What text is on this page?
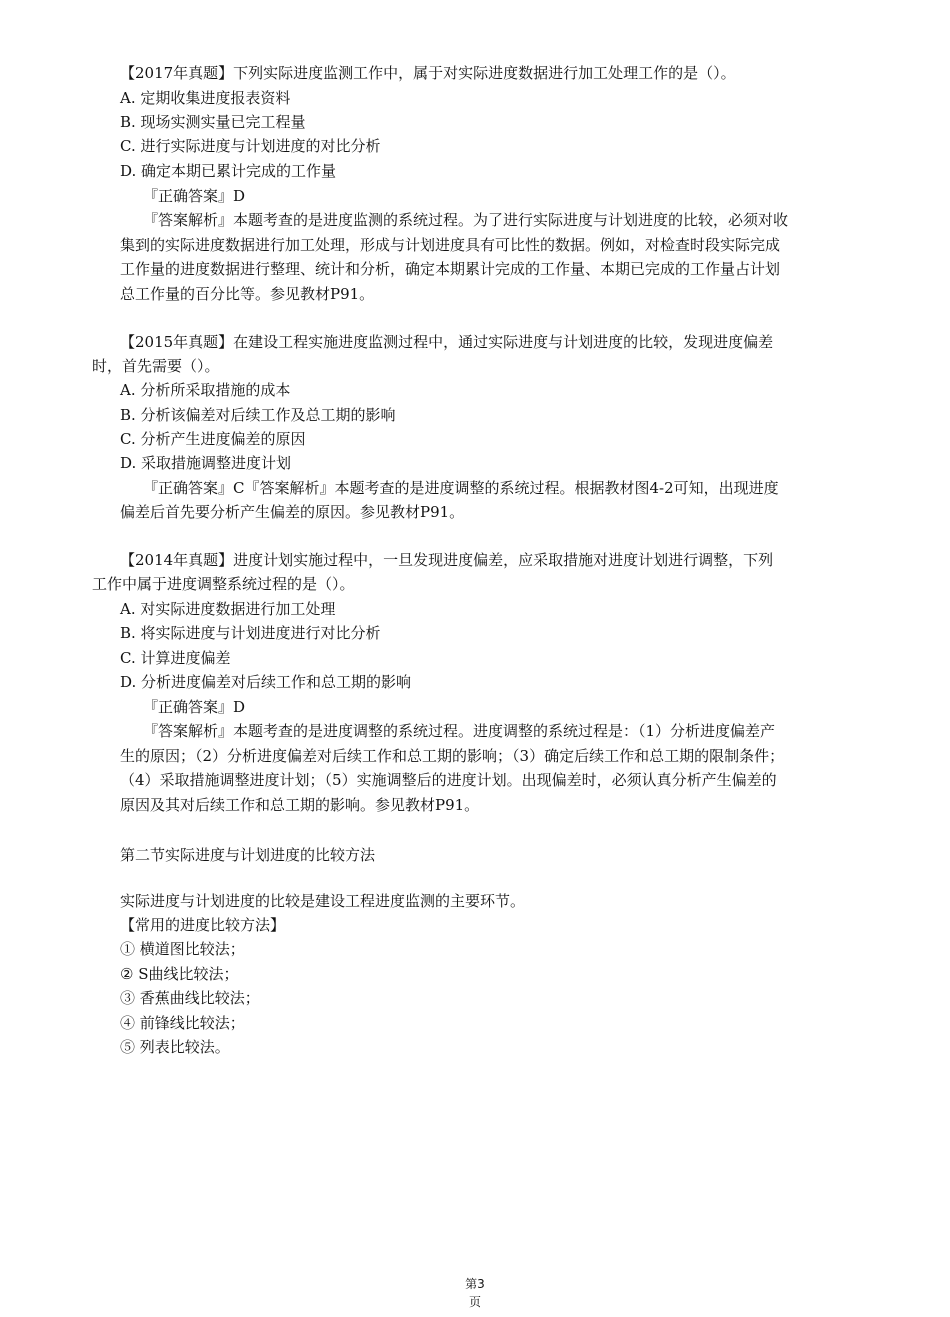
【2017年真题】下列实际进度监测工作中，属于对实际进度数据进行加工处理工作的是（）。
A. 定期收集进度报表资料
B. 现场实测实量已完工程量
C. 进行实际进度与计划进度的对比分析
D. 确定本期已累计完成的工作量
『正确答案』D
『答案解析』本题考查的是进度监测的系统过程。为了进行实际进度与计划进度的比较，必须对收
集到的实际进度数据进行加工处理，形成与计划进度具有可比性的数据。例如，对检查时段实际完成
工作量的进度数据进行整理、统计和分析，确定本期累计完成的工作量、本期已完成的工作量占计划
总工作量的百分比等。参见教材P91。
【2015年真题】在建设工程实施进度监测过程中，通过实际进度与计划进度的比较，发现进度偏差
时，首先需要（）。
A. 分析所采取措施的成本
B. 分析该偏差对后续工作及总工期的影响
C. 分析产生进度偏差的原因
D. 采取措施调整进度计划
『正确答案』C『答案解析』本题考查的是进度调整的系统过程。根据教材图4-2可知，出现进度
偏差后首先要分析产生偏差的原因。参见教材P91。
【2014年真题】进度计划实施过程中，一旦发现进度偏差，应采取措施对进度计划进行调整，下列
工作中属于进度调整系统过程的是（）。
A. 对实际进度数据进行加工处理
B. 将实际进度与计划进度进行对比分析
C. 计算进度偏差
D. 分析进度偏差对后续工作和总工期的影响
『正确答案』D
『答案解析』本题考查的是进度调整的系统过程。进度调整的系统过程是：（1）分析进度偏差产
生的原因；（2）分析进度偏差对后续工作和总工期的影响；（3）确定后续工作和总工期的限制条件；
（4）采取措施调整进度计划；（5）实施调整后的进度计划。出现偏差时，必须认真分析产生偏差的
原因及其对后续工作和总工期的影响。参见教材P91。
第二节实际进度与计划进度的比较方法
实际进度与计划进度的比较是建设工程进度监测的主要环节。
【常用的进度比较方法】
① 横道图比较法；
② S曲线比较法；
③ 香蕉曲线比较法；
④ 前锋线比较法；
⑤ 列表比较法。
第3
页
